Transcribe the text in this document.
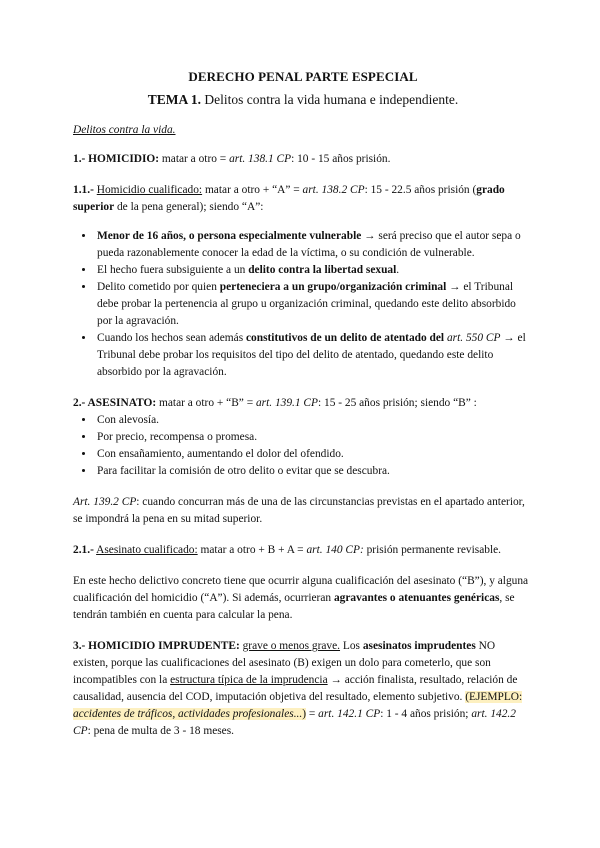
DERECHO PENAL PARTE ESPECIAL

TEMA 1. Delitos contra la vida humana e independiente.

Delitos contra la vida.

1.- HOMICIDIO: matar a otro = art. 138.1 CP: 10 - 15 años prisión.

1.1.- Homicidio cualificado: matar a otro + “A” = art. 138.2 CP: 15 - 22.5 años prisión (grado superior de la pena general); siendo “A”:

• Menor de 16 años, o persona especialmente vulnerable → será preciso que el autor sepa o pueda razonablemente conocer la edad de la víctima, o su condición de vulnerable.
• El hecho fuera subsiguiente a un delito contra la libertad sexual.
• Delito cometido por quien perteneciera a un grupo/organización criminal → el Tribunal debe probar la pertenencia al grupo u organización criminal, quedando este delito absorbido por la agravación.
• Cuando los hechos sean además constitutivos de un delito de atentado del art. 550 CP → el Tribunal debe probar los requisitos del tipo del delito de atentado, quedando este delito absorbido por la agravación.

2.- ASESINATO: matar a otro + “B” = art. 139.1 CP: 15 - 25 años prisión; siendo “B” :

• Con alevosía.
• Por precio, recompensa o promesa.
• Con ensañamiento, aumentando el dolor del ofendido.
• Para facilitar la comisión de otro delito o evitar que se descubra.

Art. 139.2 CP: cuando concurran más de una de las circunstancias previstas en el apartado anterior, se impondrá la pena en su mitad superior.

2.1.- Asesinato cualificado: matar a otro + B + A = art. 140 CP: prisión permanente revisable.

En este hecho delictivo concreto tiene que ocurrir alguna cualificación del asesinato (“B”), y alguna cualificación del homicidio (“A”). Si además, ocurrieran agravantes o atenuantes genéricas, se tendrán también en cuenta para calcular la pena.

3.- HOMICIDIO IMPRUDENTE: grave o menos grave. Los asesinatos imprudentes NO existen, porque las cualificaciones del asesinato (B) exigen un dolo para cometerlo, que son incompatibles con la estructura típica de la imprudencia → acción finalista, resultado, relación de causalidad, ausencia del COD, imputación objetiva del resultado, elemento subjetivo. (EJEMPLO: accidentes de tráficos, actividades profesionales...) = art. 142.1 CP: 1 - 4 años prisión; art. 142.2 CP: pena de multa de 3 - 18 meses.
